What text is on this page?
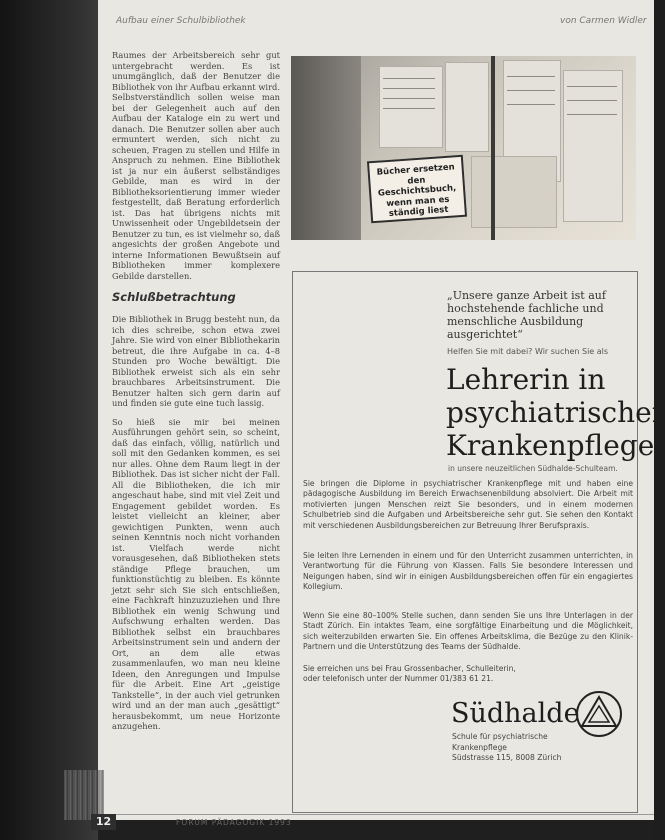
Aufbau einer Schulbibliothek	von Carmen Widler

Raumes der Arbeitsbereich sehr gut untergebracht werden. Es ist unumgänglich, daß der Benutzer die Bibliothek von ihr Aufbau erkannt wird. Selbstverständlich sollen weise man bei der Gelegenheit auch auf den Aufbau der Kataloge ein zu wert und danach. Die Benutzer sollen aber auch ermuntert werden, sich nicht zu scheuen, Fragen zu stellen und Hilfe in Anspruch zu nehmen. Eine Bibliothek ist ja nur ein äußerst selbständiges Gebilde, man es wird in der Bibliotheksorientierung immer wieder festgestellt, daß Beratung erforderlich ist. Das hat übrigens nichts mit Unwissenheit oder Ungebildetsein der Benutzer zu tun, es ist vielmehr so, daß angesichts der großen Angebote und interne Informationen Bewußtsein auf Bibliotheken immer komplexere Gebilde darstellen.

Schlußbetrachtung

Die Bibliothek in Brugg besteht nun, da ich dies schreibe, schon etwa zwei Jahre. Sie wird von einer Bibliothekarin betreut, die ihre Aufgabe in ca. 4–8 Stunden pro Woche bewältigt. Die Bibliothek erweist sich als ein sehr brauchbares Arbeitsinstrument. Die Benutzer halten sich gern darin auf und finden sie gute eine tuch lassig.

So hieß sie mir bei meinen Ausführungen gehört sein, so scheint, daß das einfach, völlig, natürlich und soll mit den Gedanken kommen, es sei nur alles. Ohne dem Raum liegt in der Bibliothek. Das ist sicher nicht der Fall. All die Bibliotheken, die ich mir angeschaut habe, sind mit viel Zeit und Engagement gebildet worden. Es leistet vielleicht an kleiner, aber gewichtigen Punkten, wenn auch seinen Kenntnis noch nicht vorhanden ist. Vielfach werde nicht vorausgesehen, daß Bibliotheken stets ständige Pflege brauchen, um funktionstüchtig zu bleiben. Es könnte jetzt sehr sich Sie sich entschließen, eine Fachkraft hinzuzuziehen und Ihre Bibliothek ein wenig Schwung und Aufschwung erhalten werden. Das Bibliothek selbst ein brauchbares Arbeitsinstrument sein und andern der Ort, an dem alle etwas zusammenlaufen, wo man neu kleine Ideen, den Anregungen und Impulse für die Arbeit. Eine Art „geistige Tankstelle“, in der auch viel getrunken wird und an der man auch „gesättigt“ herausbekommt, um neue Horizonte anzugehen.

Bücher ersetzen den Geschichtsbuch, wenn man es ständig liest
„Unsere ganze Arbeit ist auf hochstehende fachliche und menschliche Ausbildung ausgerichtet“
Helfen Sie mit dabei? Wir suchen Sie als
Lehrerin in
psychiatrischer
Krankenpflege
in unsere neuzeitlichen Südhalde-Schulteam.
Sie bringen die Diplome in psychiatrischer Krankenpflege mit und haben eine pädagogische Ausbildung im Bereich Erwachsenenbildung absolviert. Die Arbeit mit motivierten jungen Menschen reizt Sie besonders, und in einem modernen Schulbetrieb sind die Aufgaben und Arbeitsbereiche sehr gut. Sie sehen den Kontakt mit verschiedenen Ausbildungsbereichen zur Betreuung Ihrer Berufspraxis.
Sie leiten Ihre Lernenden in einem und für den Unterricht zusammen unterrichten, in Verantwortung für die Führung von Klassen. Falls Sie besondere Interessen und Neigungen haben, sind wir in einigen Ausbildungsbereichen offen für ein engagiertes Kollegium.
Wenn Sie eine 80–100% Stelle suchen, dann senden Sie uns Ihre Unterlagen in der Stadt Zürich. Ein intaktes Team, eine sorgfältige Einarbeitung und die Möglichkeit, sich weiterzubilden erwarten Sie. Ein offenes Arbeitsklima, die Bezüge zu den Klinik-Partnern und die Unterstützung des Teams der Südhalde.
Sie erreichen uns bei Frau Grossenbacher, Schulleiterin, oder telefonisch unter der Nummer 01/383 61 21.
Südhalde
Schule für psychiatrische
Krankenpflege
Südstrasse 115, 8008 Zürich
12	FORUM PÄDAGOGIK 1993
